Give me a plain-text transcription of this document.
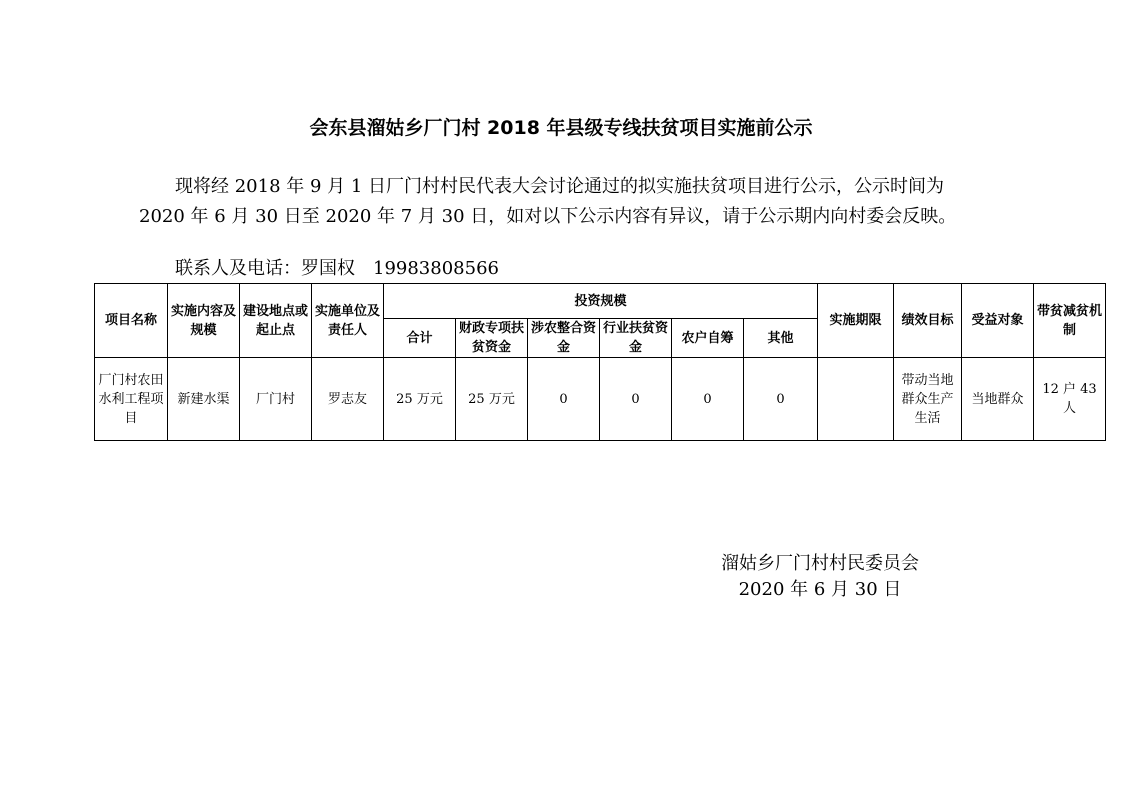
会东县溜姑乡厂门村 2018 年县级专线扶贫项目实施前公示
现将经 2018 年 9 月 1 日厂门村村民代表大会讨论通过的拟实施扶贫项目进行公示，公示时间为 2020 年 6 月 30 日至 2020 年 7 月 30 日，如对以下公示内容有异议，请于公示期内向村委会反映。
联系人及电话：罗国权 19983808566
项目名称	实施内容及规模	建设地点或起止点	实施单位及责任人	投资规模						实施期限	绩效目标	受益对象	带贫减贫机制
				合计	财政专项扶贫资金	涉农整合资金	行业扶贫资金	农户自筹	其他				
厂门村农田水利工程项目	新建水渠	厂门村	罗志友	25 万元	25 万元	0	0	0	0		带动当地群众生产生活	当地群众	12 户 43 人
溜姑乡厂门村村民委员会
2020 年 6 月 30 日
